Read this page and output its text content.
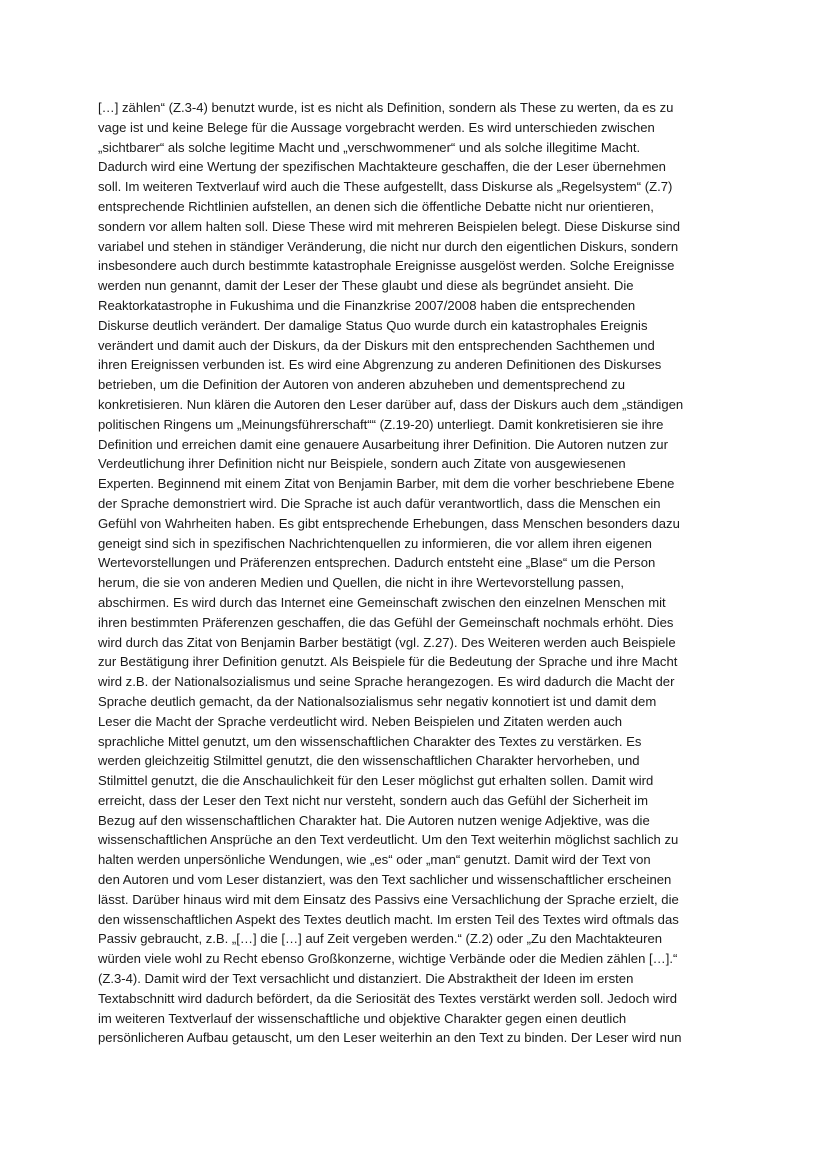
[…] zählen“ (Z.3-4) benutzt wurde, ist es nicht als Definition, sondern als These zu werten, da es zu
vage ist und keine Belege für die Aussage vorgebracht werden. Es wird unterschieden zwischen
„sichtbarer“ als solche legitime Macht und „verschwommener“ und als solche illegitime Macht.
Dadurch wird eine Wertung der spezifischen Machtakteure geschaffen, die der Leser übernehmen
soll. Im weiteren Textverlauf wird auch die These aufgestellt, dass Diskurse als „Regelsystem“ (Z.7)
entsprechende Richtlinien aufstellen, an denen sich die öffentliche Debatte nicht nur orientieren,
sondern vor allem halten soll. Diese These wird mit mehreren Beispielen belegt. Diese Diskurse sind
variabel und stehen in ständiger Veränderung, die nicht nur durch den eigentlichen Diskurs, sondern
insbesondere auch durch bestimmte katastrophale Ereignisse ausgelöst werden. Solche Ereignisse
werden nun genannt, damit der Leser der These glaubt und diese als begründet ansieht. Die
Reaktorkatastrophe in Fukushima und die Finanzkrise 2007/2008 haben die entsprechenden
Diskurse deutlich verändert. Der damalige Status Quo wurde durch ein katastrophales Ereignis
verändert und damit auch der Diskurs, da der Diskurs mit den entsprechenden Sachthemen und
ihren Ereignissen verbunden ist. Es wird eine Abgrenzung zu anderen Definitionen des Diskurses
betrieben, um die Definition der Autoren von anderen abzuheben und dementsprechend zu
konkretisieren. Nun klären die Autoren den Leser darüber auf, dass der Diskurs auch dem „ständigen
politischen Ringens um „Meinungsführerschaft““ (Z.19-20) unterliegt. Damit konkretisieren sie ihre
Definition und erreichen damit eine genauere Ausarbeitung ihrer Definition. Die Autoren nutzen zur
Verdeutlichung ihrer Definition nicht nur Beispiele, sondern auch Zitate von ausgewiesenen
Experten. Beginnend mit einem Zitat von Benjamin Barber, mit dem die vorher beschriebene Ebene
der Sprache demonstriert wird. Die Sprache ist auch dafür verantwortlich, dass die Menschen ein
Gefühl von Wahrheiten haben. Es gibt entsprechende Erhebungen, dass Menschen besonders dazu
geneigt sind sich in spezifischen Nachrichtenquellen zu informieren, die vor allem ihren eigenen
Wertevorstellungen und Präferenzen entsprechen. Dadurch entsteht eine „Blase“ um die Person
herum, die sie von anderen Medien und Quellen, die nicht in ihre Wertevorstellung passen,
abschirmen. Es wird durch das Internet eine Gemeinschaft zwischen den einzelnen Menschen mit
ihren bestimmten Präferenzen geschaffen, die das Gefühl der Gemeinschaft nochmals erhöht. Dies
wird durch das Zitat von Benjamin Barber bestätigt (vgl. Z.27). Des Weiteren werden auch Beispiele
zur Bestätigung ihrer Definition genutzt. Als Beispiele für die Bedeutung der Sprache und ihre Macht
wird z.B. der Nationalsozialismus und seine Sprache herangezogen. Es wird dadurch die Macht der
Sprache deutlich gemacht, da der Nationalsozialismus sehr negativ konnotiert ist und damit dem
Leser die Macht der Sprache verdeutlicht wird. Neben Beispielen und Zitaten werden auch
sprachliche Mittel genutzt, um den wissenschaftlichen Charakter des Textes zu verstärken. Es
werden gleichzeitig Stilmittel genutzt, die den wissenschaftlichen Charakter hervorheben, und
Stilmittel genutzt, die die Anschaulichkeit für den Leser möglichst gut erhalten sollen. Damit wird
erreicht, dass der Leser den Text nicht nur versteht, sondern auch das Gefühl der Sicherheit im
Bezug auf den wissenschaftlichen Charakter hat. Die Autoren nutzen wenige Adjektive, was die
wissenschaftlichen Ansprüche an den Text verdeutlicht. Um den Text weiterhin möglichst sachlich zu
halten werden unpersönliche Wendungen, wie „es“ oder „man“ genutzt. Damit wird der Text von
den Autoren und vom Leser distanziert, was den Text sachlicher und wissenschaftlicher erscheinen
lässt. Darüber hinaus wird mit dem Einsatz des Passivs eine Versachlichung der Sprache erzielt, die
den wissenschaftlichen Aspekt des Textes deutlich macht. Im ersten Teil des Textes wird oftmals das
Passiv gebraucht, z.B. „[…] die […] auf Zeit vergeben werden.“ (Z.2) oder „Zu den Machtakteuren
würden viele wohl zu Recht ebenso Großkonzerne, wichtige Verbände oder die Medien zählen […].“
(Z.3-4). Damit wird der Text versachlicht und distanziert. Die Abstraktheit der Ideen im ersten
Textabschnitt wird dadurch befördert, da die Seriosität des Textes verstärkt werden soll. Jedoch wird
im weiteren Textverlauf der wissenschaftliche und objektive Charakter gegen einen deutlich
persönlicheren Aufbau getauscht, um den Leser weiterhin an den Text zu binden. Der Leser wird nun
